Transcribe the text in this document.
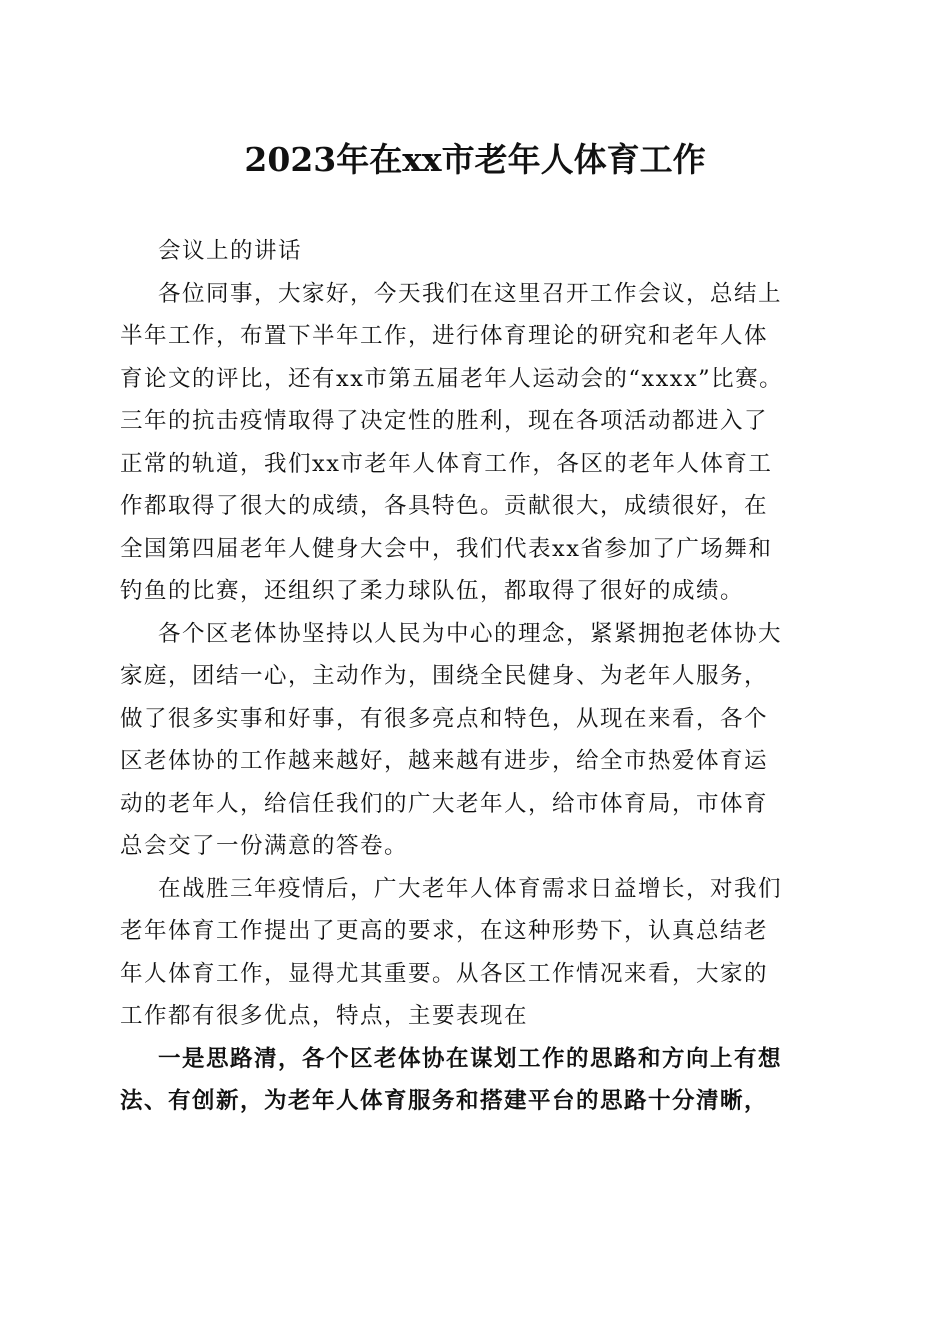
2023年在xx市老年人体育工作
会议上的讲话
各位同事，大家好，今天我们在这里召开工作会议，总结上
半年工作，布置下半年工作，进行体育理论的研究和老年人体
育论文的评比，还有xx市第五届老年人运动会的“xxxx”比赛。
三年的抗击疫情取得了决定性的胜利，现在各项活动都进入了
正常的轨道，我们xx市老年人体育工作，各区的老年人体育工
作都取得了很大的成绩，各具特色。贡献很大，成绩很好，在
全国第四届老年人健身大会中，我们代表xx省参加了广场舞和
钓鱼的比赛，还组织了柔力球队伍，都取得了很好的成绩。
各个区老体协坚持以人民为中心的理念，紧紧拥抱老体协大
家庭，团结一心，主动作为，围绕全民健身、为老年人服务，
做了很多实事和好事，有很多亮点和特色，从现在来看，各个
区老体协的工作越来越好，越来越有进步，给全市热爱体育运
动的老年人，给信任我们的广大老年人，给市体育局，市体育
总会交了一份满意的答卷。
在战胜三年疫情后，广大老年人体育需求日益增长，对我们
老年体育工作提出了更高的要求，在这种形势下，认真总结老
年人体育工作，显得尤其重要。从各区工作情况来看，大家的
工作都有很多优点，特点，主要表现在
一是思路清，各个区老体协在谋划工作的思路和方向上有想
法、有创新，为老年人体育服务和搭建平台的思路十分清晰，
